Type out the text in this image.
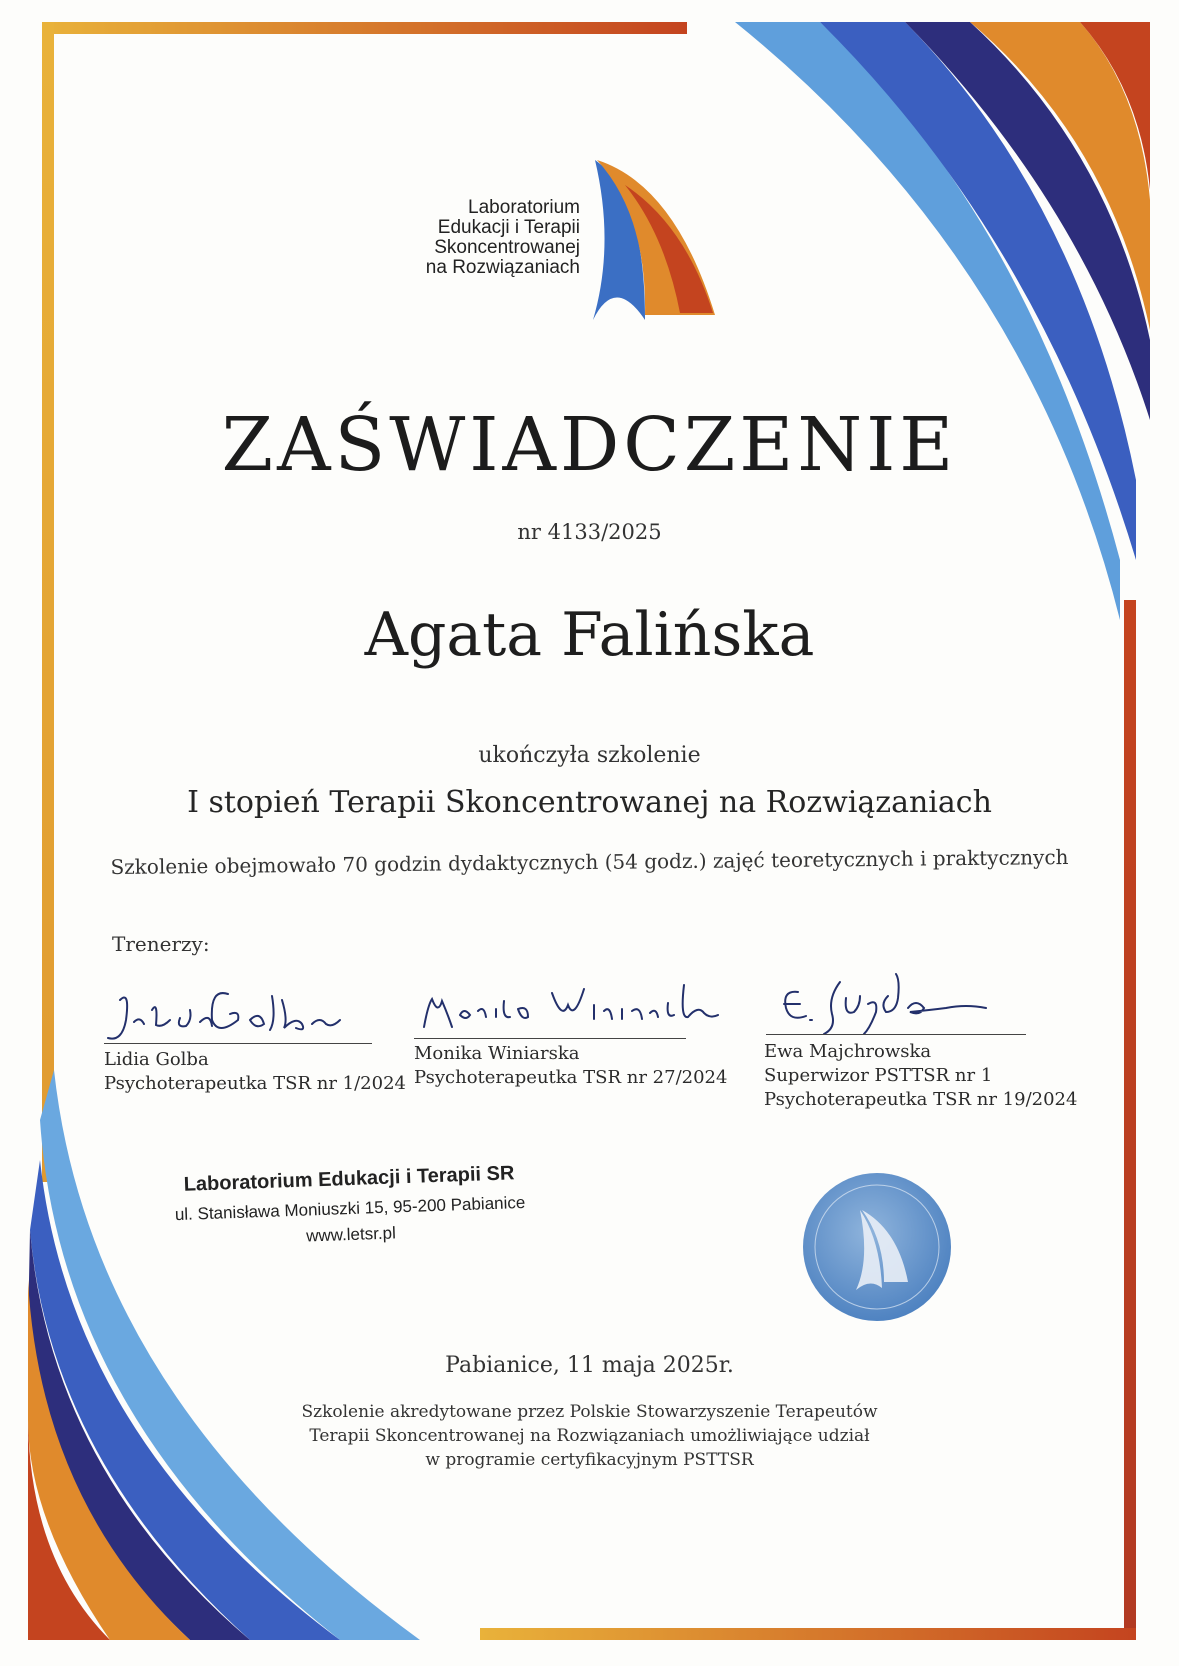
Laboratorium
Edukacji i Terapii
Skoncentrowanej
na Rozwiązaniach
ZAŚWIADCZENIE
nr 4133/2025
Agata Falińska
ukończyła szkolenie
I stopień Terapii Skoncentrowanej na Rozwiązaniach
Szkolenie obejmowało 70 godzin dydaktycznych (54 godz.) zajęć teoretycznych i praktycznych
Trenerzy:
Lidia Golba
Psychoterapeutka TSR nr 1/2024
Monika Winiarska
Psychoterapeutka TSR nr 27/2024
Ewa Majchrowska
Superwizor PSTTSR nr 1
Psychoterapeutka TSR nr 19/2024
Laboratorium Edukacji i Terapii SR
ul. Stanisława Moniuszki 15, 95-200 Pabianice
www.letsr.pl
Pabianice, 11 maja 2025r.
Szkolenie akredytowane przez Polskie Stowarzyszenie Terapeutów
Terapii Skoncentrowanej na Rozwiązaniach umożliwiające udział
w programie certyfikacyjnym PSTTSR
